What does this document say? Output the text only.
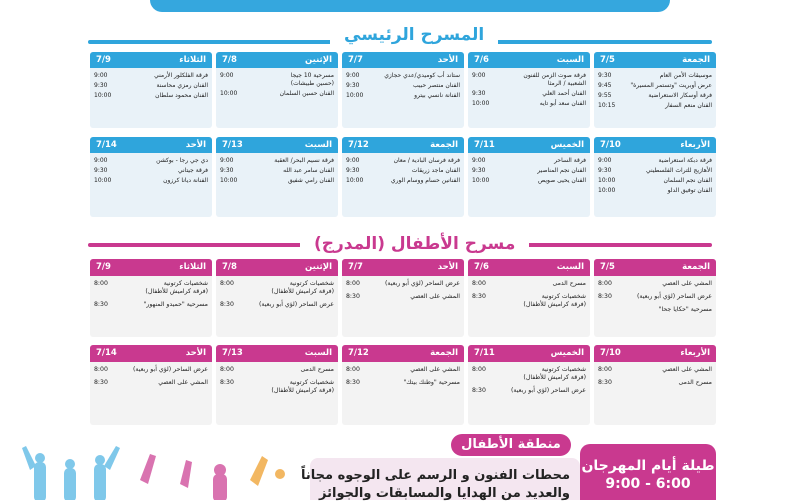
المسرح الرئيسي
الجمعة
7/5
موسيقات الأمن العام
9:30
عرض أوبريت "وتستمر المسيرة"
9:45
فرقة أوسكار الاستعراضية
9:55
الفنان منعم السفار
10:15
السبت
7/6
فرقة صوت الزمن للفنون
الشعبية / الرمثا
9:00
الفنان أحمد العلي
9:30
الفنان سعد أبو تايه
10:00
الأحد
7/7
ستاند أب كوميدي/عدي حجازي
9:00
الفنان منتصر حبيب
9:30
الفنانة نانسي بيترو
10:00
الإثنين
7/8
مسرحية 10 جيجا
(حسين طبيشات)
9:00
الفنان حسين السلمان
10:00
الثلاثاء
7/9
فرقة الفلكلور الأرمني
9:00
الفنان رمزي محاسنة
9:30
الفنان محمود سلطان
10:00
الأربعاء
7/10
فرقة دبكة استعراضية
9:00
الأهازيج للتراث الفلسطيني
9:30
الفنان نجم السلمان
10:00
الفنان توفيق الدلو
10:00
الخميس
7/11
فرقة الساحر
9:00
الفنان نجم المناصير
9:30
الفنان يحيى صويص
10:00
الجمعة
7/12
فرقة فرسان البادية / معان
9:00
الفنان ماجد زريقات
9:30
الفنانين حسام ووسام الوري
10:00
السبت
7/13
فرقة نسيم البحر/ العقبة
9:00
الفنان سامر عبد الله
9:30
الفنان رامي شفيق
10:00
الأحد
7/14
دي جي رجا - بوكشن
9:00
فرقة جيتاني
9:30
الفنانة ديانا كرزون
10:00
مسرح الأطفال (المدرج)
الجمعة
7/5
المشي على العصي
8:00
عرض الساحر (لؤي أبو ربعية)
8:30
مسرحية "حكايا جحا"
السبت
7/6
مسرح الدمى
8:00
شخصيات كرتونية
(فرقة كراميش للأطفال)
8:30
الأحد
7/7
عرض الساحر (لؤي أبو ربعية)
8:00
المشي على العصي
8:30
الإثنين
7/8
شخصيات كرتونية
(فرقة كراميش للأطفال)
8:00
عرض الساحر (لؤي أبو ربعية)
8:30
الثلاثاء
7/9
شخصيات كرتونية
(فرقة كراميش للأطفال)
8:00
مسرحية "حميدو المنهور"
8:30
الأربعاء
7/10
المشي على العصي
8:00
مسرح الدمى
8:30
الخميس
7/11
شخصيات كرتونية
(فرقة كراميش للأطفال)
8:00
عرض الساحر (لؤي أبو ربعية)
8:30
الجمعة
7/12
المشي على العصي
8:00
مسرحية "وطنك بيتك"
8:30
السبت
7/13
مسرح الدمى
8:00
شخصيات كرتونية
(فرقة كراميش للأطفال)
8:30
الأحد
7/14
عرض الساحر (لؤي أبو ربعية)
8:00
المشي على العصي
8:30
محطات الفنون و الرسم على الوجوه مجاناً
والعديد من الهدايا والمسابقات والجوائز
منطقة الأطفال
طيلة أيام المهرجان
6:00 - 9:00
